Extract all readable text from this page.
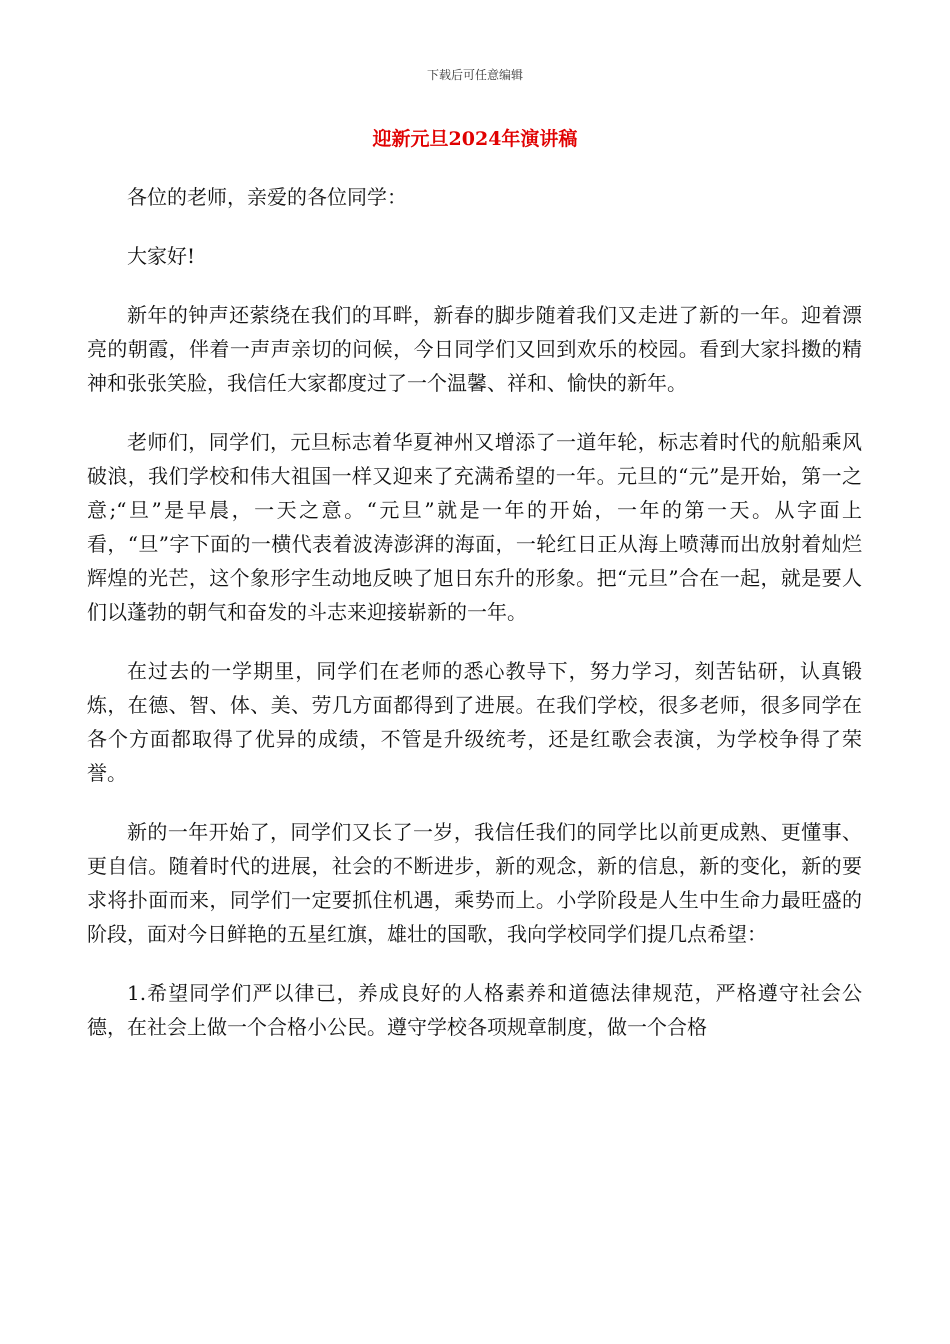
下载后可任意编辑
迎新元旦2024年演讲稿

各位的老师，亲爱的各位同学：

大家好!

新年的钟声还萦绕在我们的耳畔，新春的脚步随着我们又走进了新的一年。迎着漂亮的朝霞，伴着一声声亲切的问候，今日同学们又回到欢乐的校园。看到大家抖擞的精神和张张笑脸，我信任大家都度过了一个温馨、祥和、愉快的新年。

老师们，同学们，元旦标志着华夏神州又增添了一道年轮，标志着时代的航船乘风破浪，我们学校和伟大祖国一样又迎来了充满希望的一年。元旦的“元”是开始，第一之意;“旦”是早晨，一天之意。“元旦”就是一年的开始，一年的第一天。从字面上看，“旦”字下面的一横代表着波涛澎湃的海面，一轮红日正从海上喷薄而出放射着灿烂辉煌的光芒，这个象形字生动地反映了旭日东升的形象。把“元旦”合在一起，就是要人们以蓬勃的朝气和奋发的斗志来迎接崭新的一年。

在过去的一学期里，同学们在老师的悉心教导下，努力学习，刻苦钻研，认真锻炼，在德、智、体、美、劳几方面都得到了进展。在我们学校，很多老师，很多同学在各个方面都取得了优异的成绩，不管是升级统考，还是红歌会表演，为学校争得了荣誉。

新的一年开始了，同学们又长了一岁，我信任我们的同学比以前更成熟、更懂事、更自信。随着时代的进展，社会的不断进步，新的观念，新的信息，新的变化，新的要求将扑面而来，同学们一定要抓住机遇，乘势而上。小学阶段是人生中生命力最旺盛的阶段，面对今日鲜艳的五星红旗，雄壮的国歌，我向学校同学们提几点希望：

1.希望同学们严以律已，养成良好的人格素养和道德法律规范，严格遵守社会公德，在社会上做一个合格小公民。遵守学校各项规章制度，做一个合格
